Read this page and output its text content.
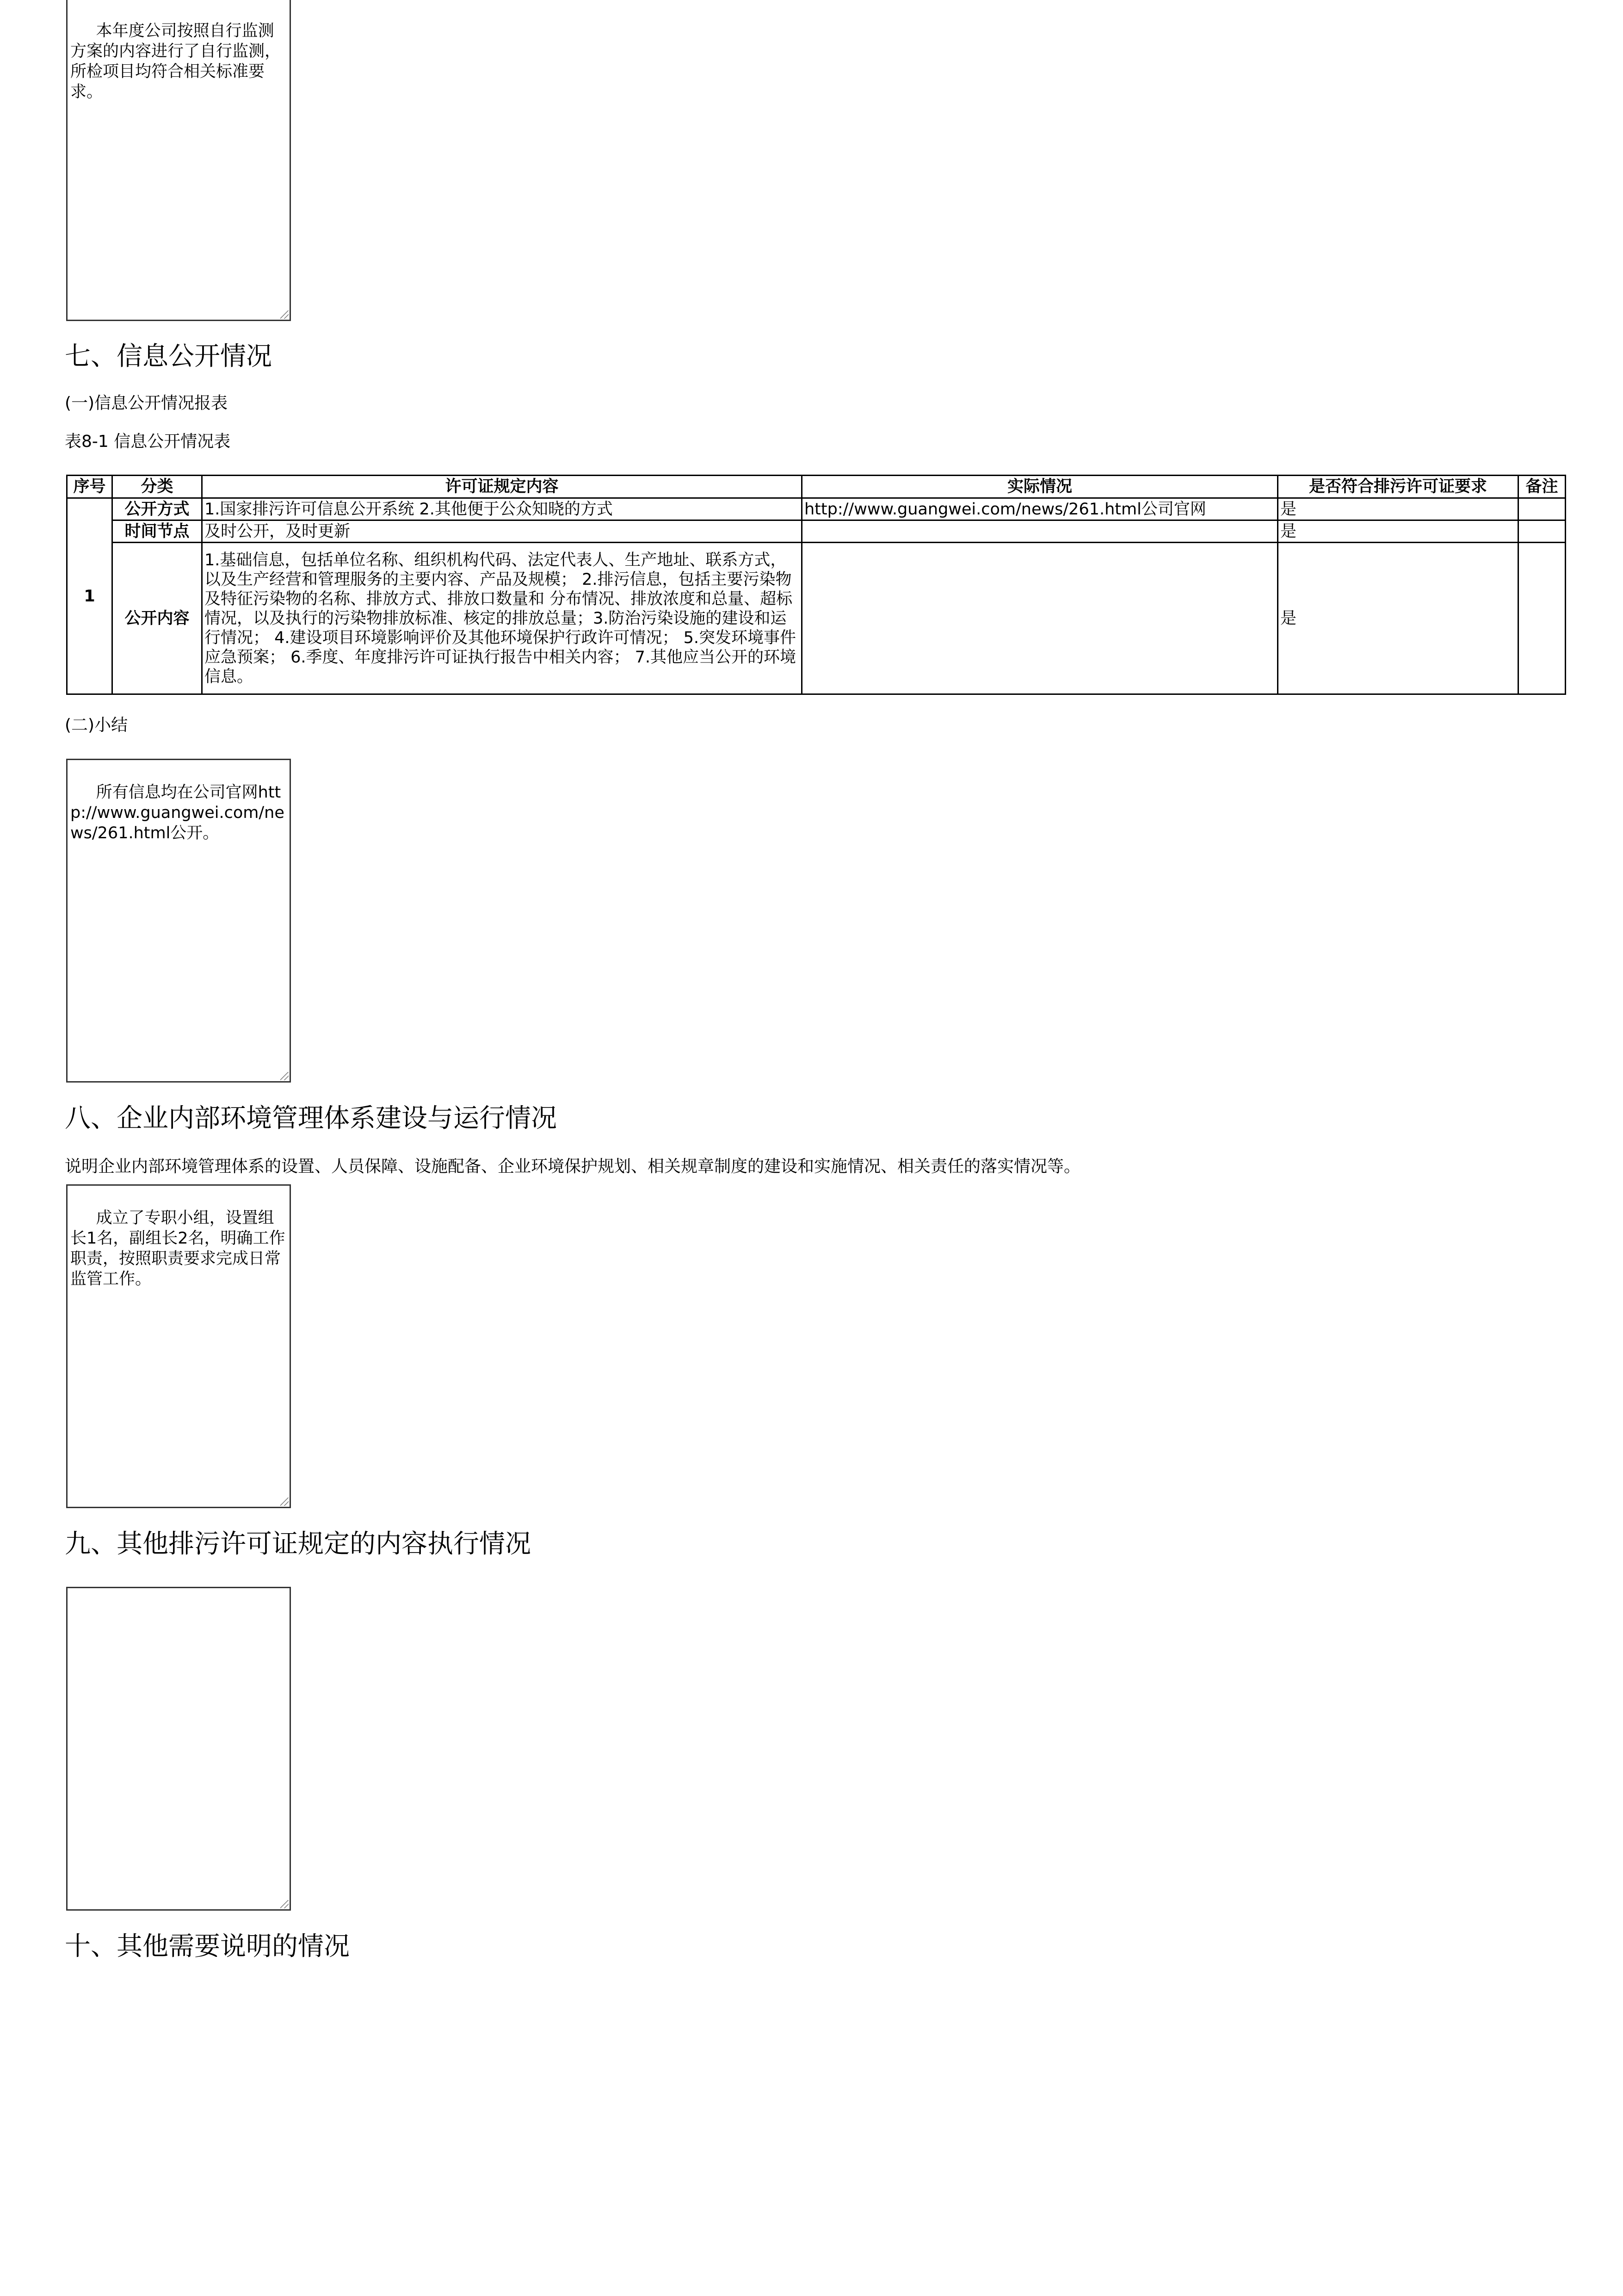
本年度公司按照自行监测方案的内容进行了自行监测，所检项目均符合相关标准要求。

七、信息公开情况
(一)信息公开情况报表
表8-1 信息公开情况表
序号	分类	许可证规定内容	实际情况	是否符合排污许可证要求	备注
1	公开方式	1.国家排污许可信息公开系统 2.其他便于公众知晓的方式	http://www.guangwei.com/news/261.html公司官网	是	
	时间节点	及时公开，及时更新		是	
	公开内容	1.基础信息，包括单位名称、组织机构代码、法定代表人、生产地址、联系方式，以及生产经营和管理服务的主要内容、产品及规模； 2.排污信息，包括主要污染物及特征污染物的名称、排放方式、排放口数量和 分布情况、排放浓度和总量、超标情况，以及执行的污染物排放标准、核定的排放总量；3.防治污染设施的建设和运行情况； 4.建设项目环境影响评价及其他环境保护行政许可情况； 5.突发环境事件应急预案； 6.季度、年度排污许可证执行报告中相关内容； 7.其他应当公开的环境信息。		是	
(二)小结

所有信息均在公司官网http://www.guangwei.com/news/261.html公开。

八、企业内部环境管理体系建设与运行情况
说明企业内部环境管理体系的设置、人员保障、设施配备、企业环境保护规划、相关规章制度的建设和实施情况、相关责任的落实情况等。

成立了专职小组，设置组长1名，副组长2名，明确工作职责，按照职责要求完成日常监管工作。

九、其他排污许可证规定的内容执行情况

十、其他需要说明的情况
